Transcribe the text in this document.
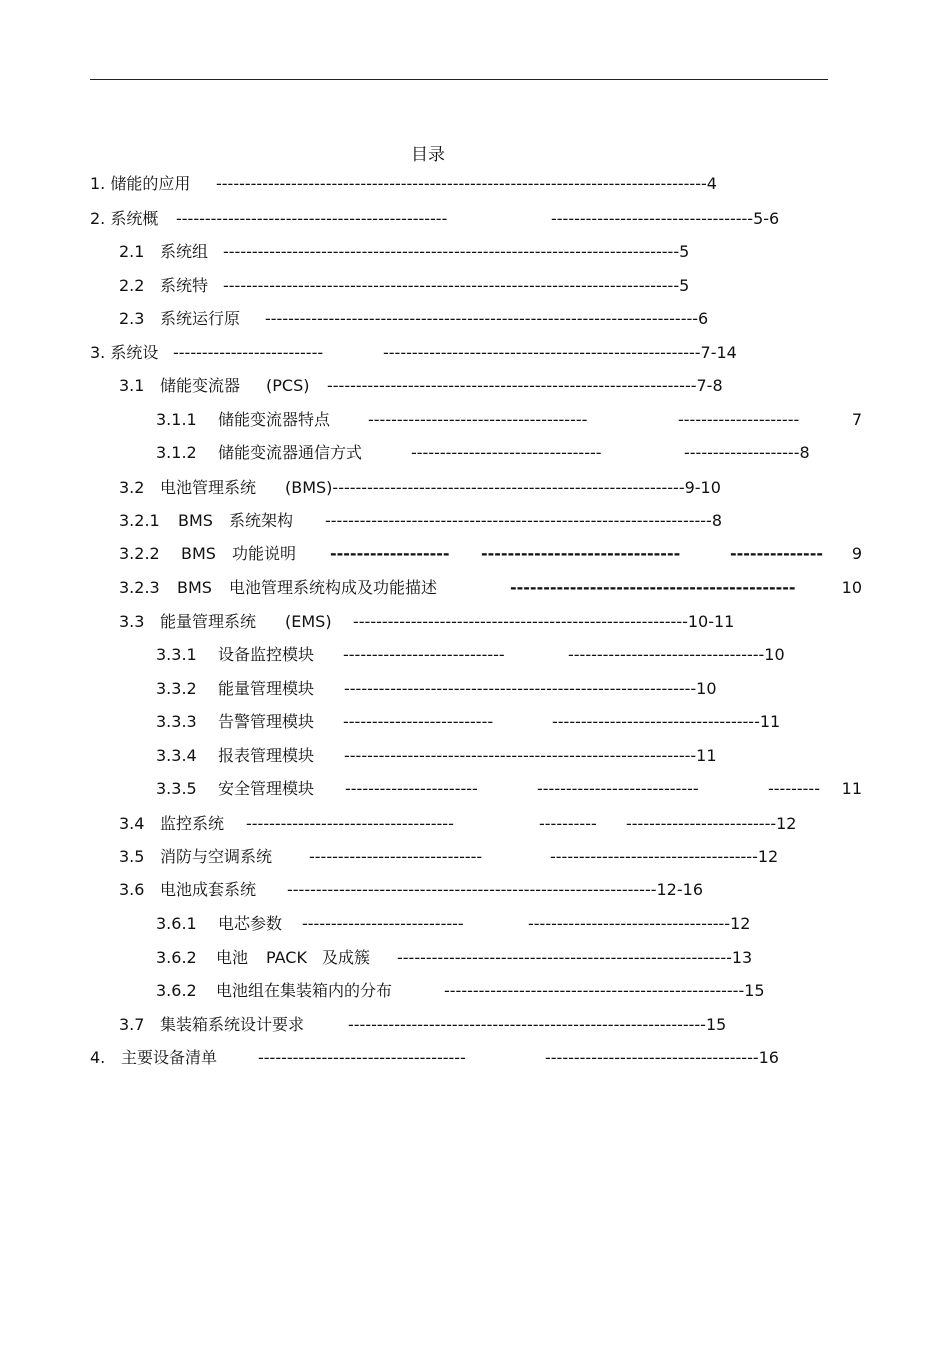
目录
1. 储能的应用 -------------------------------------------------------------------------------------4
2. 系统概 -----------------------------------------------	-----------------------------------5-6
2.1 系统组 -------------------------------------------------------------------------------5
2.2 系统特 -------------------------------------------------------------------------------5
2.3 系统运行原 ---------------------------------------------------------------------------6
3. 系统设 --------------------------	-------------------------------------------------------7-14
3.1 储能变流器 (PCS) ----------------------------------------------------------------7-8
3.1.1 储能变流器特点 --------------------------------------	---------------------	7
3.1.2 储能变流器通信方式	---------------------------------	--------------------8
3.2 电池管理系统 (BMS)-------------------------------------------------------------9-10
3.2.1 BMS 系统架构 -------------------------------------------------------------------8
3.2.2 BMS 功能说明 ------------------ ------------------------------	-------------- 9
3.2.3 BMS 电池管理系统构成及功能描述	-------------------------------------------	10
3.3 能量管理系统 (EMS) ----------------------------------------------------------10-11
3.3.1 设备监控模块 ----------------------------	----------------------------------10
3.3.2 能量管理模块 -------------------------------------------------------------10
3.3.3 告警管理模块 --------------------------	------------------------------------11
3.3.4 报表管理模块 -------------------------------------------------------------11
3.3.5 安全管理模块 -----------------------	----------------------------	--------- 11
3.4 监控系统 ------------------------------------	---------- --------------------------12
3.5 消防与空调系统 ------------------------------	------------------------------------12
3.6 电池成套系统 ----------------------------------------------------------------12-16
3.6.1 电芯参数 ----------------------------	-----------------------------------12
3.6.2 电池 PACK 及成簇 ----------------------------------------------------------13
3.6.2 电池组在集装箱内的分布	----------------------------------------------------15
3.7 集装箱系统设计要求	--------------------------------------------------------------15
4. 主要设备清单	------------------------------------	-------------------------------------16
